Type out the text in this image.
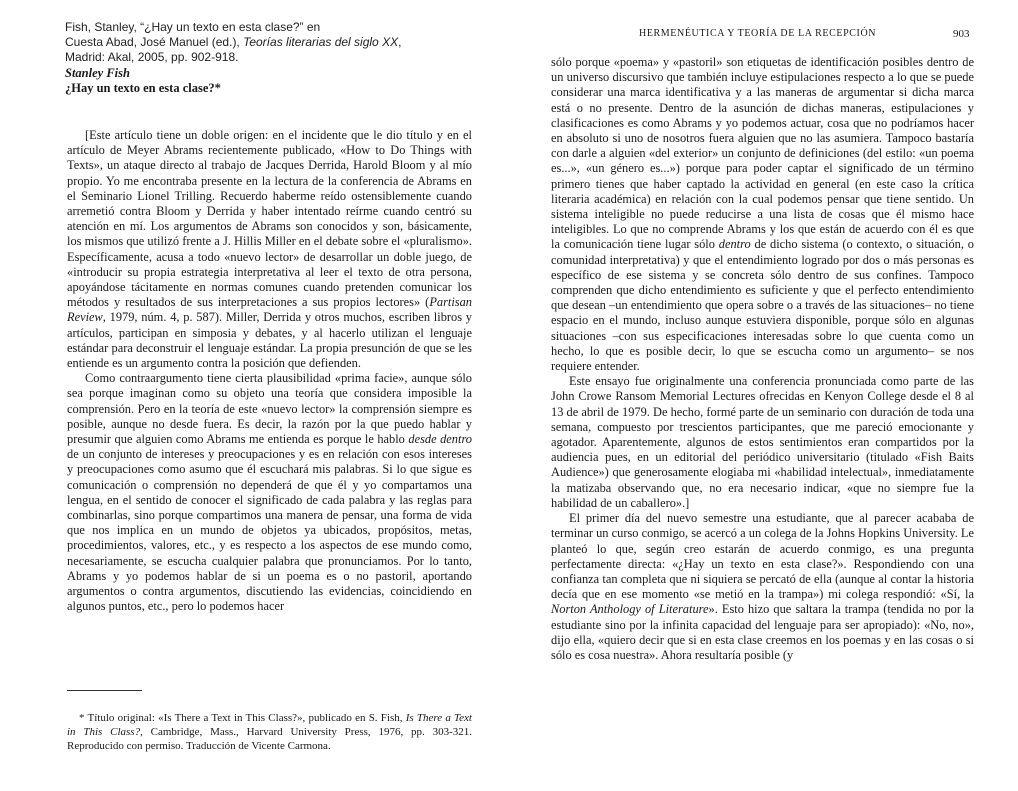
Fish, Stanley, “¿Hay un texto en esta clase?” en
Cuesta Abad, José Manuel (ed.), Teorías literarias del siglo XX,
Madrid: Akal, 2005, pp. 902-918.
Stanley Fish
¿Hay un texto en esta clase?*

[Este artículo tiene un doble origen: en el incidente que le dio título y en el artículo de Meyer Abrams recientemente publicado, «How to Do Things with Texts», un ataque directo al trabajo de Jacques Derrida, Harold Bloom y al mío propio. Yo me encontraba presente en la lectura de la conferencia de Abrams en el Seminario Lionel Trilling. Recuerdo haberme reído ostensiblemente cuando arremetió contra Bloom y Derrida y haber intentado reírme cuando centró su atención en mí. Los argumentos de Abrams son conocidos y son, básicamente, los mismos que utilizó frente a J. Hillis Miller en el debate sobre el «pluralismo». Específicamente, acusa a todo «nuevo lector» de desarrollar un doble juego, de «introducir su propia estrategia interpretativa al leer el texto de otra persona, apoyándose tácitamente en normas comunes cuando pretenden comunicar los métodos y resultados de sus interpretaciones a sus propios lectores» (Partisan Review, 1979, núm. 4, p. 587). Miller, Derrida y otros muchos, escriben libros y artículos, participan en simposia y debates, y al hacerlo utilizan el lenguaje estándar para deconstruir el lenguaje estándar. La propia presunción de que se les entiende es un argumento contra la posición que defienden.

Como contraargumento tiene cierta plausibilidad «prima facie», aunque sólo sea porque imaginan como su objeto una teoría que considera imposible la comprensión. Pero en la teoría de este «nuevo lector» la comprensión siempre es posible, aunque no desde fuera. Es decir, la razón por la que puedo hablar y presumir que alguien como Abrams me entienda es porque le hablo desde dentro de un conjunto de intereses y preocupaciones y es en relación con esos intereses y preocupaciones como asumo que él escuchará mis palabras. Si lo que sigue es comunicación o comprensión no dependerá de que él y yo compartamos una lengua, en el sentido de conocer el significado de cada palabra y las reglas para combinarlas, sino porque compartimos una manera de pensar, una forma de vida que nos implica en un mundo de objetos ya ubicados, propósitos, metas, procedimientos, valores, etc., y es respecto a los aspectos de ese mundo como, necesariamente, se escucha cualquier palabra que pronunciamos. Por lo tanto, Abrams y yo podemos hablar de si un poema es o no pastoril, aportando argumentos o contra argumentos, discutiendo las evidencias, coincidiendo en algunos puntos, etc., pero lo podemos hacer

* Título original: «Is There a Text in This Class?», publicado en S. Fish, Is There a Text in This Class?, Cambridge, Mass., Harvard University Press, 1976, pp. 303-321. Reproducido con permiso. Traducción de Vicente Carmona.

HERMENÉUTICA Y TEORÍA DE LA RECEPCIÓN	903

sólo porque «poema» y «pastoril» son etiquetas de identificación posibles dentro de un universo discursivo que también incluye estipulaciones respecto a lo que se puede considerar una marca identificativa y a las maneras de argumentar si dicha marca está o no presente. Dentro de la asunción de dichas maneras, estipulaciones y clasificaciones es como Abrams y yo podemos actuar, cosa que no podríamos hacer en absoluto si uno de nosotros fuera alguien que no las asumiera. Tampoco bastaría con darle a alguien «del exterior» un conjunto de definiciones (del estilo: «un poema es...», «un género es...») porque para poder captar el significado de un término primero tienes que haber captado la actividad en general (en este caso la crítica literaria académica) en relación con la cual podemos pensar que tiene sentido. Un sistema inteligible no puede reducirse a una lista de cosas que él mismo hace inteligibles. Lo que no comprende Abrams y los que están de acuerdo con él es que la comunicación tiene lugar sólo dentro de dicho sistema (o contexto, o situación, o comunidad interpretativa) y que el entendimiento logrado por dos o más personas es específico de ese sistema y se concreta sólo dentro de sus confines. Tampoco comprenden que dicho entendimiento es suficiente y que el perfecto entendimiento que desean –un entendimiento que opera sobre o a través de las situaciones– no tiene espacio en el mundo, incluso aunque estuviera disponible, porque sólo en algunas situaciones –con sus especificaciones interesadas sobre lo que cuenta como un hecho, lo que es posible decir, lo que se escucha como un argumento– se nos requiere entender.

Este ensayo fue originalmente una conferencia pronunciada como parte de las John Crowe Ransom Memorial Lectures ofrecidas en Kenyon College desde el 8 al 13 de abril de 1979. De hecho, formé parte de un seminario con duración de toda una semana, compuesto por trescientos participantes, que me pareció emocionante y agotador. Aparentemente, algunos de estos sentimientos eran compartidos por la audiencia pues, en un editorial del periódico universitario (titulado «Fish Baits Audience») que generosamente elogiaba mi «habilidad intelectual», inmediatamente la matizaba observando que, no era necesario indicar, «que no siempre fue la habilidad de un caballero».]

El primer día del nuevo semestre una estudiante, que al parecer acababa de terminar un curso conmigo, se acercó a un colega de la Johns Hopkins University. Le planteó lo que, según creo estarán de acuerdo conmigo, es una pregunta perfectamente directa: «¿Hay un texto en esta clase?». Respondiendo con una confianza tan completa que ni siquiera se percató de ella (aunque al contar la historia decía que en ese momento «se metió en la trampa») mi colega respondió: «Sí, la Norton Anthology of Literature». Esto hizo que saltara la trampa (tendida no por la estudiante sino por la infinita capacidad del lenguaje para ser apropiado): «No, no», dijo ella, «quiero decir que si en esta clase creemos en los poemas y en las cosas o si sólo es cosa nuestra». Ahora resultaría posible (y
